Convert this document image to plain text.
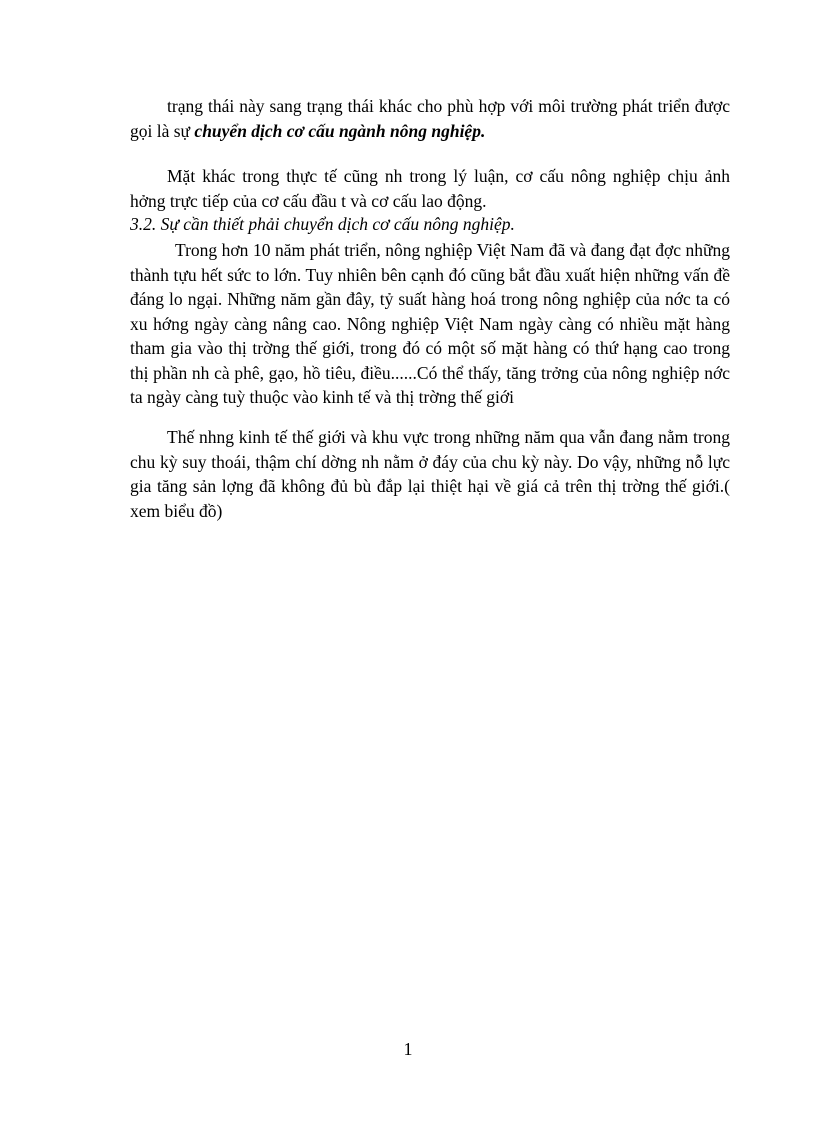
trạng thái này sang trạng thái khác cho phù hợp với môi trường phát triển được gọi là sự chuyển dịch cơ cấu ngành nông nghiệp.

Mặt khác trong thực tế cũng nh trong lý luận, cơ cấu nông nghiệp chịu ảnh hởng trực tiếp của cơ cấu đầu t và cơ cấu lao động.

3.2. Sự cần thiết phải chuyển dịch cơ cấu nông nghiệp.

Trong hơn 10 năm phát triển, nông nghiệp Việt Nam đã và đang đạt đợc những thành tựu hết sức to lớn. Tuy nhiên bên cạnh đó cũng bắt đầu xuất hiện những vấn đề đáng lo ngại. Những năm gần đây, tỷ suất hàng hoá trong nông nghiệp của nớc ta có xu hớng ngày càng nâng cao. Nông nghiệp Việt Nam ngày càng có nhiều mặt hàng tham gia vào thị trờng thế giới, trong đó có một số mặt hàng có thứ hạng cao trong thị phần nh cà phê, gạo, hồ tiêu, điều......Có thể thấy, tăng trởng của nông nghiệp nớc ta ngày càng tuỳ thuộc vào kinh tế và thị trờng thế giới

Thế nhng kinh tế thế giới và khu vực trong những năm qua vẫn đang nằm trong chu kỳ suy thoái, thậm chí dờng nh nằm ở đáy của chu kỳ này. Do vậy, những nỗ lực gia tăng sản lợng đã không đủ bù đắp lại thiệt hại về giá cả trên thị trờng thế giới.( xem biểu đồ)

1
